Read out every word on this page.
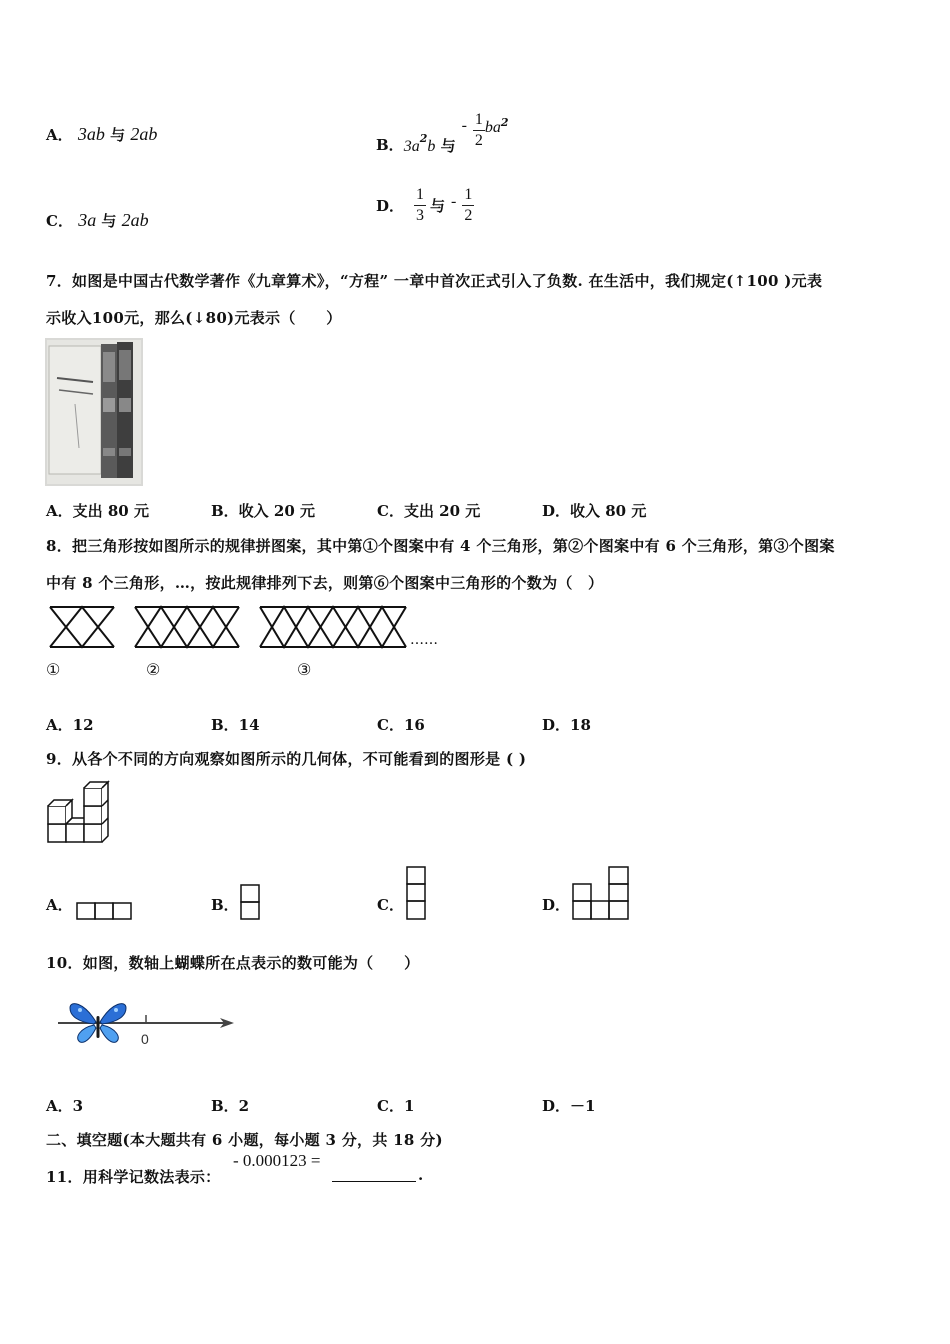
A． 3ab 与 2ab
B． $3a^2b$ 与
- $\frac{1}{2}$ ba 2
C． 3a 与 2ab
D． $\frac{1}{3}$ 与 - $\frac{1}{2}$
7．如图是中国古代数学著作《九章算术》，“方程” 一章中首次正式引入了负数. 在生活中，我们规定(↑100 )元表
示收入100元，那么(↓80)元表示（　　）
A．支出 80 元	B．收入 20 元	C．支出 20 元	D．收入 80 元
8．把三角形按如图所示的规律拼图案，其中第①个图案中有 4 个三角形，第②个图案中有 6 个三角形，第③个图案
中有 8 个三角形，…，按此规律排列下去，则第⑥个图案中三角形的个数为（　）
……
①	②	③
A．12	B．14	C．16	D．18
9．从各个不同的方向观察如图所示的几何体，不可能看到的图形是 ( )
A．	B．	C．	D．
10．如图，数轴上蝴蝶所在点表示的数可能为（　　）
0
A．3	B．2	C．1	D．－1
二、填空题(本大题共有 6 小题，每小题 3 分，共 18 分)
11．用科学记数法表示：
- 0.000123 =
.
